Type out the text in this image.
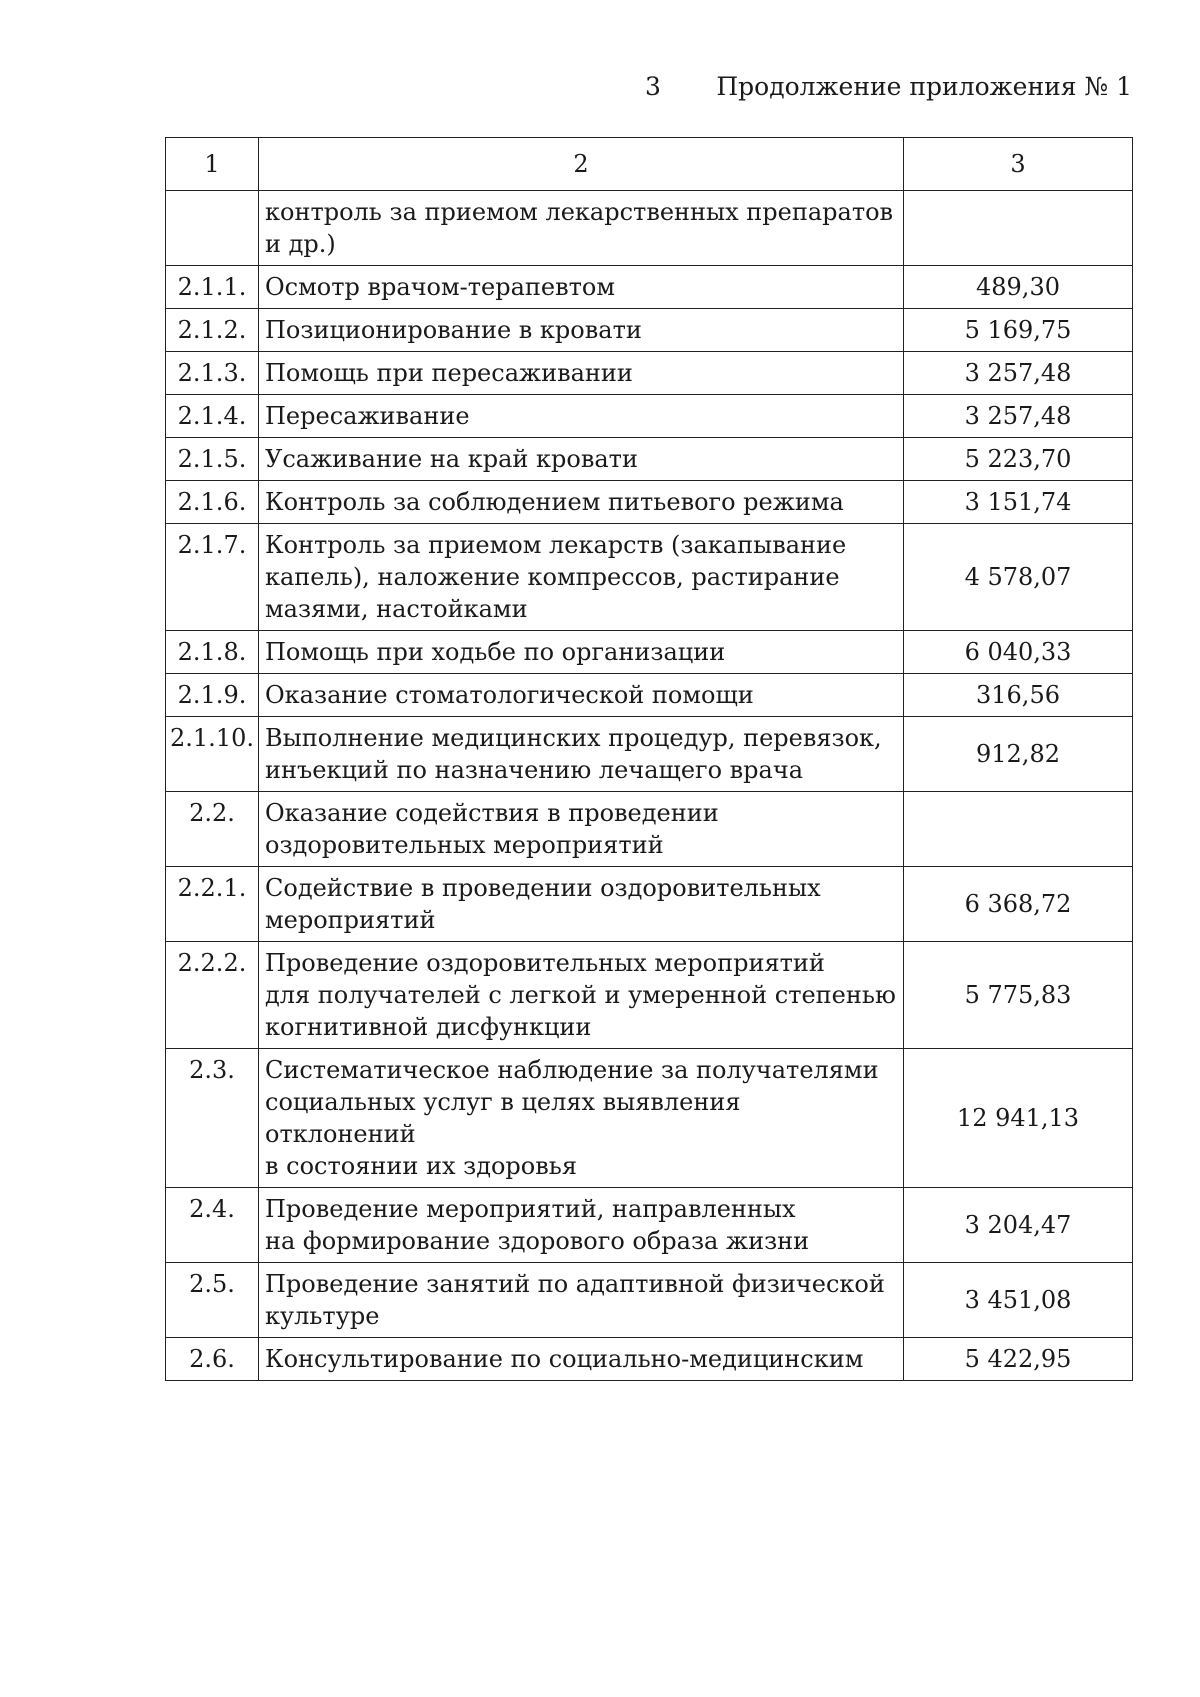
3 Продолжение приложения № 1
1	2	3
	контроль за приемом лекарственных препаратов
и др.)	
2.1.1.	Осмотр врачом-терапевтом	489,30
2.1.2.	Позиционирование в кровати	5 169,75
2.1.3.	Помощь при пересаживании	3 257,48
2.1.4.	Пересаживание	3 257,48
2.1.5.	Усаживание на край кровати	5 223,70
2.1.6.	Контроль за соблюдением питьевого режима	3 151,74
2.1.7.	Контроль за приемом лекарств (закапывание
капель), наложение компрессов, растирание
мазями, настойками	4 578,07
2.1.8.	Помощь при ходьбе по организации	6 040,33
2.1.9.	Оказание стоматологической помощи	316,56
2.1.10.	Выполнение медицинских процедур, перевязок,
инъекций по назначению лечащего врача	912,82
2.2.	Оказание содействия в проведении
оздоровительных мероприятий	
2.2.1.	Содействие в проведении оздоровительных
мероприятий	6 368,72
2.2.2.	Проведение оздоровительных мероприятий
для получателей с легкой и умеренной степенью
когнитивной дисфункции	5 775,83
2.3.	Систематическое наблюдение за получателями
социальных услуг в целях выявления отклонений
в состоянии их здоровья	12 941,13
2.4.	Проведение мероприятий, направленных
на формирование здорового образа жизни	3 204,47
2.5.	Проведение занятий по адаптивной физической
культуре	3 451,08
2.6.	Консультирование по социально-медицинским	5 422,95
